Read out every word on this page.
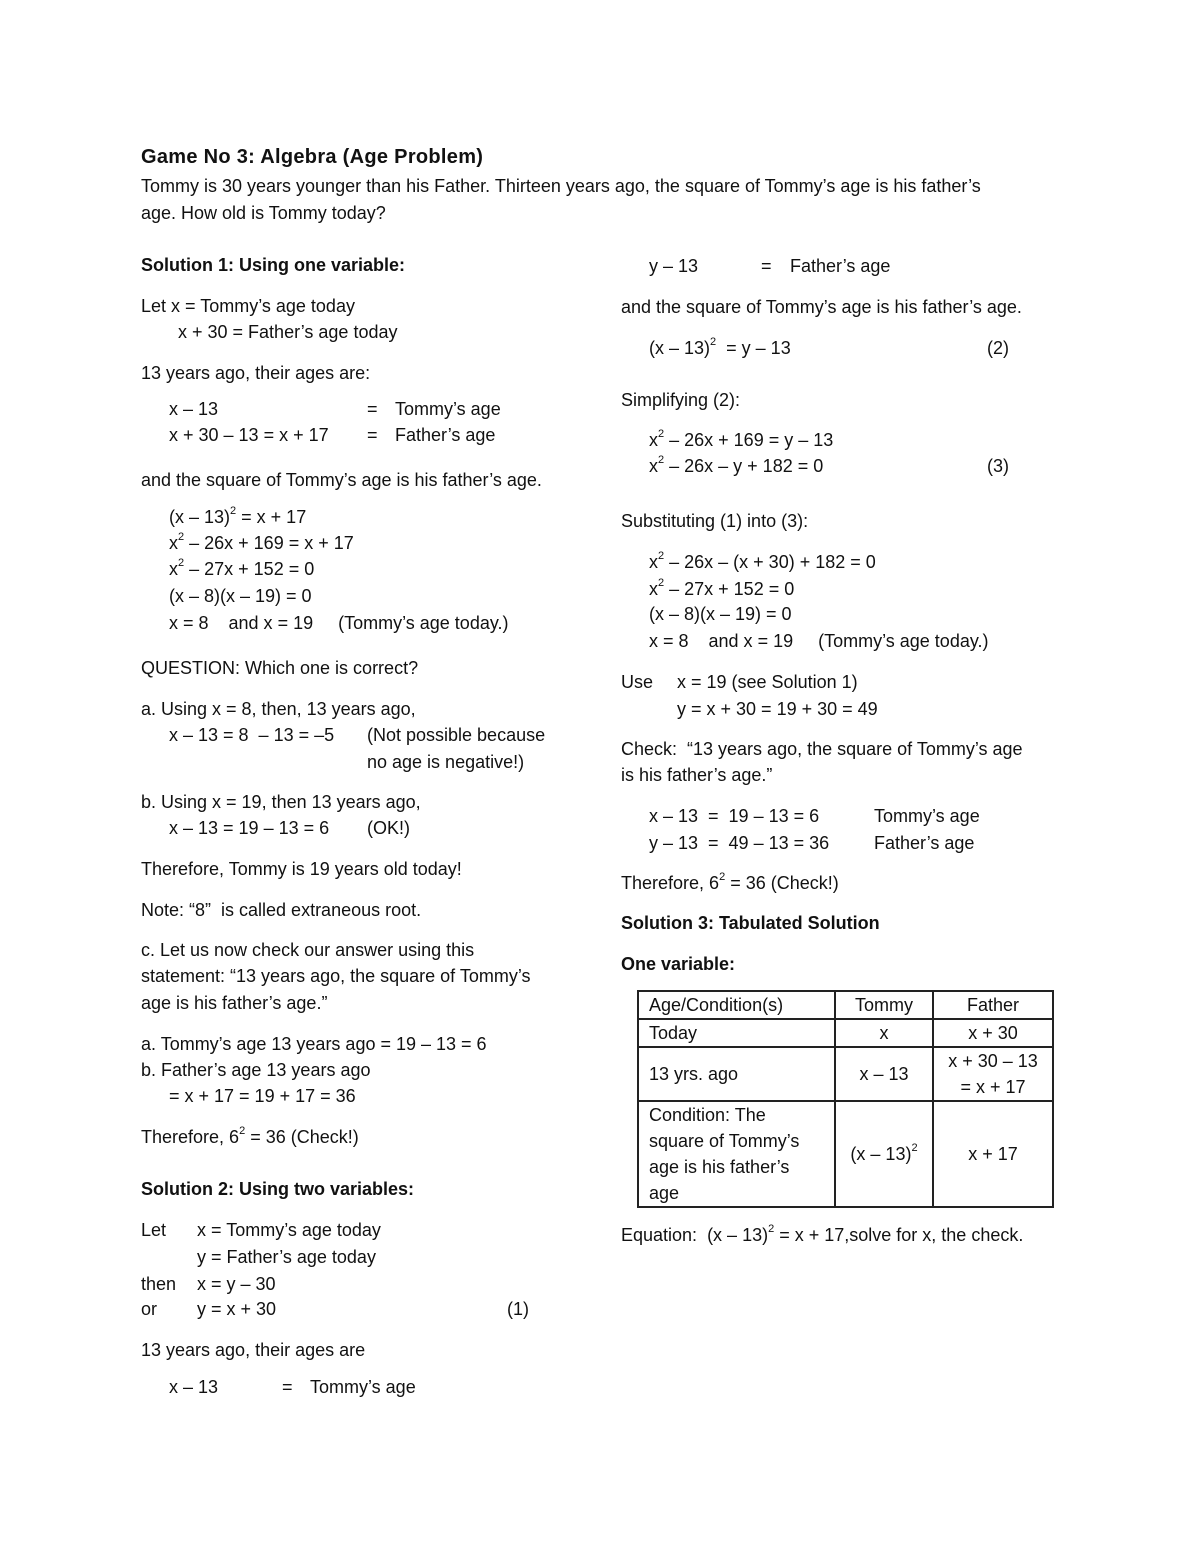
Game No 3: Algebra (Age Problem)
Tommy is 30 years younger than his Father. Thirteen years ago, the square of Tommy’s age is his father’s
age. How old is Tommy today?
Solution 1: Using one variable:
Let x = Tommy’s age today
x + 30 = Father’s age today
13 years ago, their ages are:
x – 13	= Tommy’s age
x + 30 – 13 = x + 17 = Father’s age
and the square of Tommy’s age is his father’s age.
(x – 13)$^2$ = x + 17
$x^2 - 26x + 169 = x + 17$
$x^2 - 27x + 152 = 0$
(x – 8)(x – 19) = 0
x = 8    and x = 19     (Tommy’s age today.)
QUESTION: Which one is correct?
a. Using x = 8, then, 13 years ago,
x – 13 = 8  – 13 = –5 (Not possible because
no age is negative!)
b. Using x = 19, then 13 years ago,
x – 13 = 19 – 13 = 6 (OK!)
Therefore, Tommy is 19 years old today!
Note: “8”  is called extraneous root.
c. Let us now check our answer using this
statement: “13 years ago, the square of Tommy’s
age is his father’s age.”
a. Tommy’s age 13 years ago = 19 – 13 = 6
b. Father’s age 13 years ago
= x + 17 = 19 + 17 = 36
Therefore, $6^2 = 36$ (Check!)
Solution 2: Using two variables:
Let x = Tommy’s age today
y = Father’s age today
then x = y – 30
or y = x + 30	(1)
13 years ago, their ages are
x – 13	= Tommy’s age
y – 13	= Father’s age
and the square of Tommy’s age is his father’s age.
(x – 13)$^2$  = y – 13	(2)
Simplifying (2):
$x^2 - 26x + 169 = y - 13$
$x^2 - 26x - y + 182 = 0$	(3)
Substituting (1) into (3):
$x^2 - 26x - (x + 30) + 182 = 0$
$x^2 - 27x + 152 = 0$
(x – 8)(x – 19) = 0
x = 8    and x = 19     (Tommy’s age today.)
Use x = 19 (see Solution 1)
y = x + 30 = 19 + 30 = 49
Check:  “13 years ago, the square of Tommy’s age
is his father’s age.”
x – 13  =  19 – 13 = 6	Tommy’s age
y – 13  =  49 – 13 = 36 Father’s age
Therefore, $6^2 = 36$ (Check!)
Solution 3: Tabulated Solution
One variable:
Age/Condition(s)	Tommy	Father
Today	x	x + 30
13 yrs. ago	x – 13	x + 30 – 13
= x + 17

Condition: The
square of Tommy’s
age is his father’s
age	(x – 13)$^2$	x + 17
Equation:  (x – 13)$^2$ = x + 17,solve for x, the check.
